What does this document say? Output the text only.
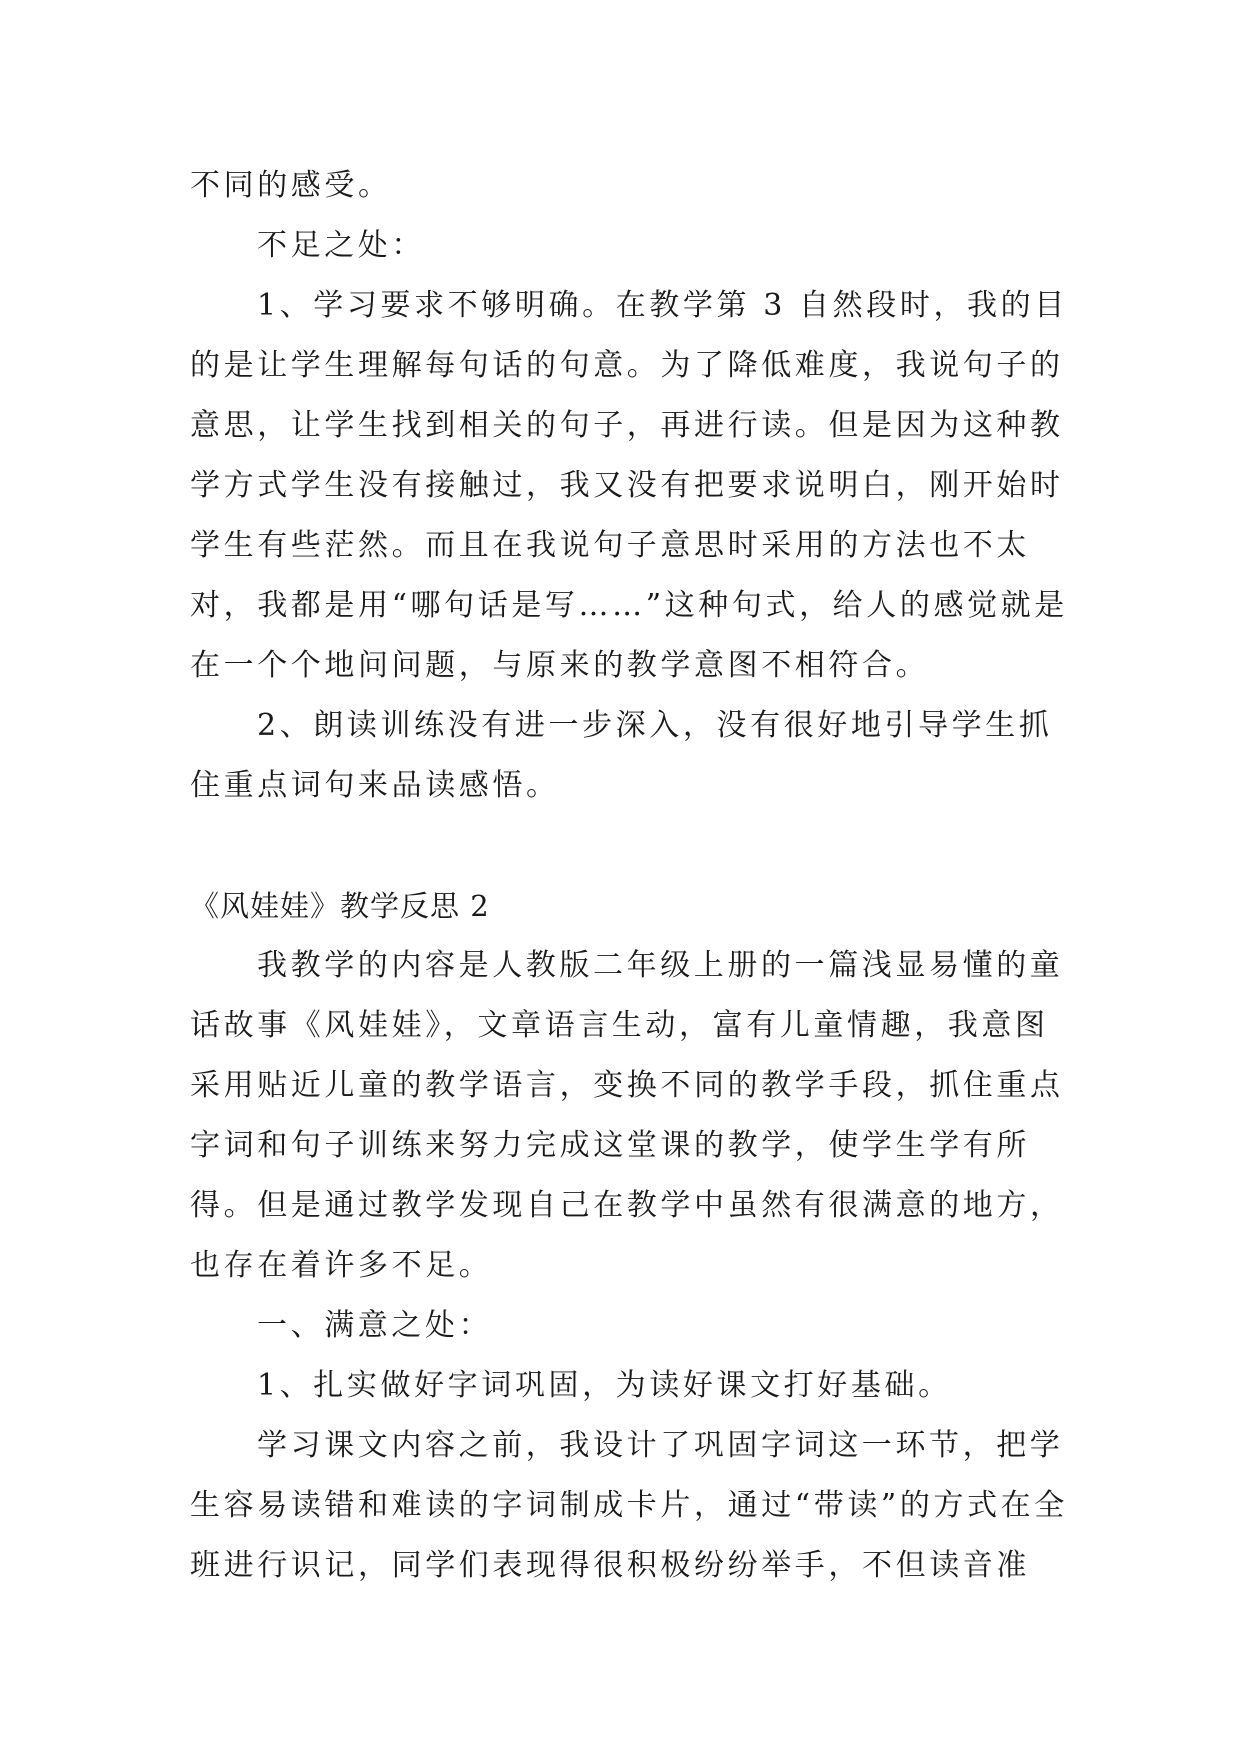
不同的感受。

不足之处：

1、学习要求不够明确。在教学第 3 自然段时，我的目的是让学生理解每句话的句意。为了降低难度，我说句子的意思，让学生找到相关的句子，再进行读。但是因为这种教学方式学生没有接触过，我又没有把要求说明白，刚开始时学生有些茫然。而且在我说句子意思时采用的方法也不太对，我都是用“哪句话是写……”这种句式，给人的感觉就是在一个个地问问题，与原来的教学意图不相符合。

2、朗读训练没有进一步深入，没有很好地引导学生抓住重点词句来品读感悟。

《风娃娃》教学反思 2

我教学的内容是人教版二年级上册的一篇浅显易懂的童话故事《风娃娃》，文章语言生动，富有儿童情趣，我意图采用贴近儿童的教学语言，变换不同的教学手段，抓住重点字词和句子训练来努力完成这堂课的教学，使学生学有所得。但是通过教学发现自己在教学中虽然有很满意的地方，也存在着许多不足。

一、满意之处：

1、扎实做好字词巩固，为读好课文打好基础。

学习课文内容之前，我设计了巩固字词这一环节，把学生容易读错和难读的字词制成卡片，通过“带读”的方式在全班进行识记，同学们表现得很积极纷纷举手，不但读音准
